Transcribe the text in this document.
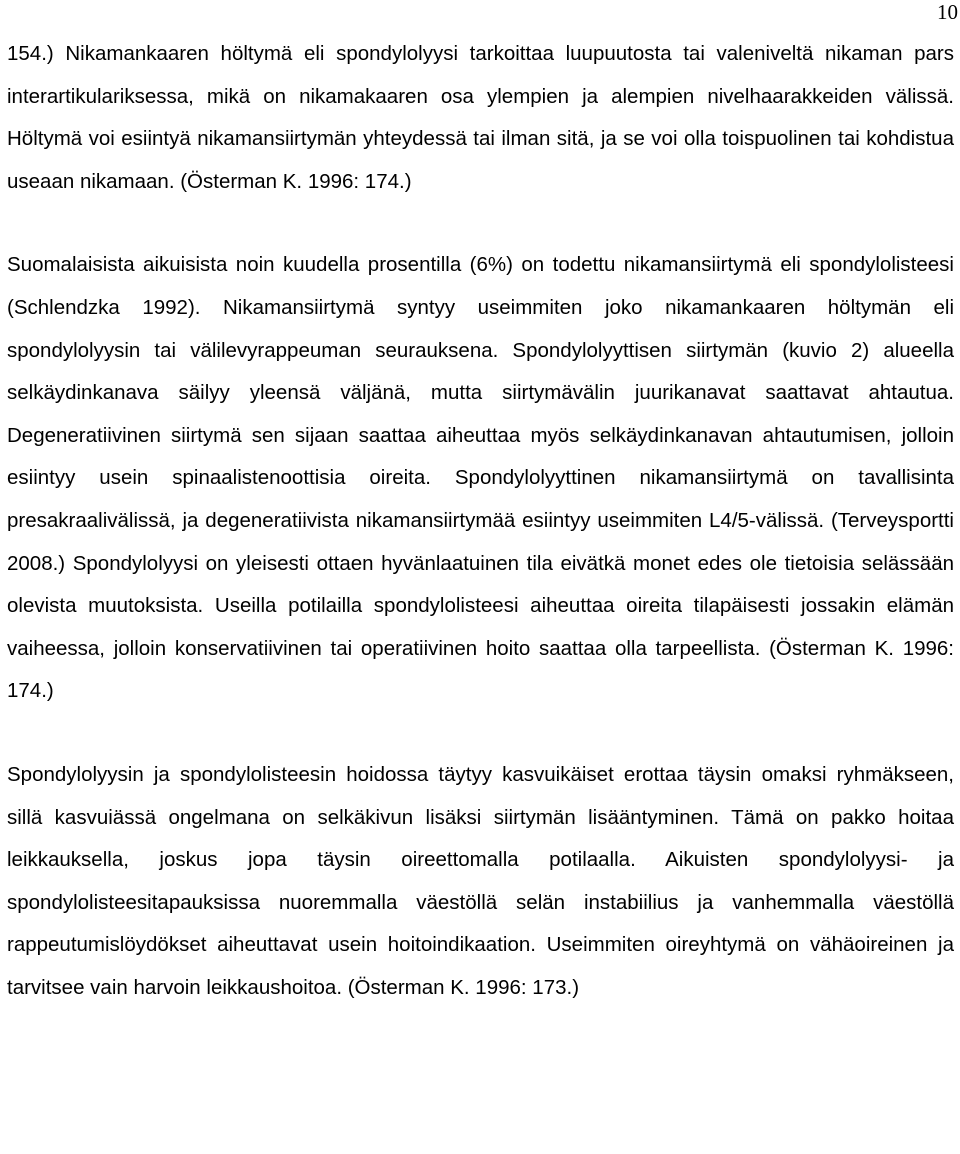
10

154.) Nikamankaaren höltymä eli spondylolyysi tarkoittaa luupuutosta tai valeniveltä nikaman pars interartikulariksessa, mikä on nikamakaaren osa ylempien ja alempien nivelhaarakkeiden välissä. Höltymä voi esiintyä nikamansiirtymän yhteydessä tai ilman sitä, ja se voi olla toispuolinen tai kohdistua useaan nikamaan. (Österman K. 1996: 174.)

Suomalaisista aikuisista noin kuudella prosentilla (6%) on todettu nikamansiirtymä eli spondylolisteesi (Schlendzka 1992). Nikamansiirtymä syntyy useimmiten joko nikamankaaren höltymän eli spondylolyysin tai välilevyrappeuman seurauksena. Spondylolyyttisen siirtymän (kuvio 2) alueella selkäydinkanava säilyy yleensä väljänä, mutta siirtymävälin juurikanavat saattavat ahtautua. Degeneratiivinen siirtymä sen sijaan saattaa aiheuttaa myös selkäydinkanavan ahtautumisen, jolloin esiintyy usein spinaalistenoottisia oireita. Spondylolyyttinen nikamansiirtymä on tavallisinta presakraalivälissä, ja degeneratiivista nikamansiirtymää esiintyy useimmiten L4/5-välissä. (Terveysportti 2008.) Spondylolyysi on yleisesti ottaen hyvänlaatuinen tila eivätkä monet edes ole tietoisia selässään olevista muutoksista. Useilla potilailla spondylolisteesi aiheuttaa oireita tilapäisesti jossakin elämän vaiheessa, jolloin konservatiivinen tai operatiivinen hoito saattaa olla tarpeellista. (Österman K. 1996: 174.)

Spondylolyysin ja spondylolisteesin hoidossa täytyy kasvuikäiset erottaa täysin omaksi ryhmäkseen, sillä kasvuiässä ongelmana on selkäkivun lisäksi siirtymän lisääntyminen. Tämä on pakko hoitaa leikkauksella, joskus jopa täysin oireettomalla potilaalla. Aikuisten spondylolyysi- ja spondylolisteesitapauksissa nuoremmalla väestöllä selän instabiilius ja vanhemmalla väestöllä rappeutumislöydökset aiheuttavat usein hoitoindikaation. Useimmiten oireyhtymä on vähäoireinen ja tarvitsee vain harvoin leikkaushoitoa. (Österman K. 1996: 173.)
